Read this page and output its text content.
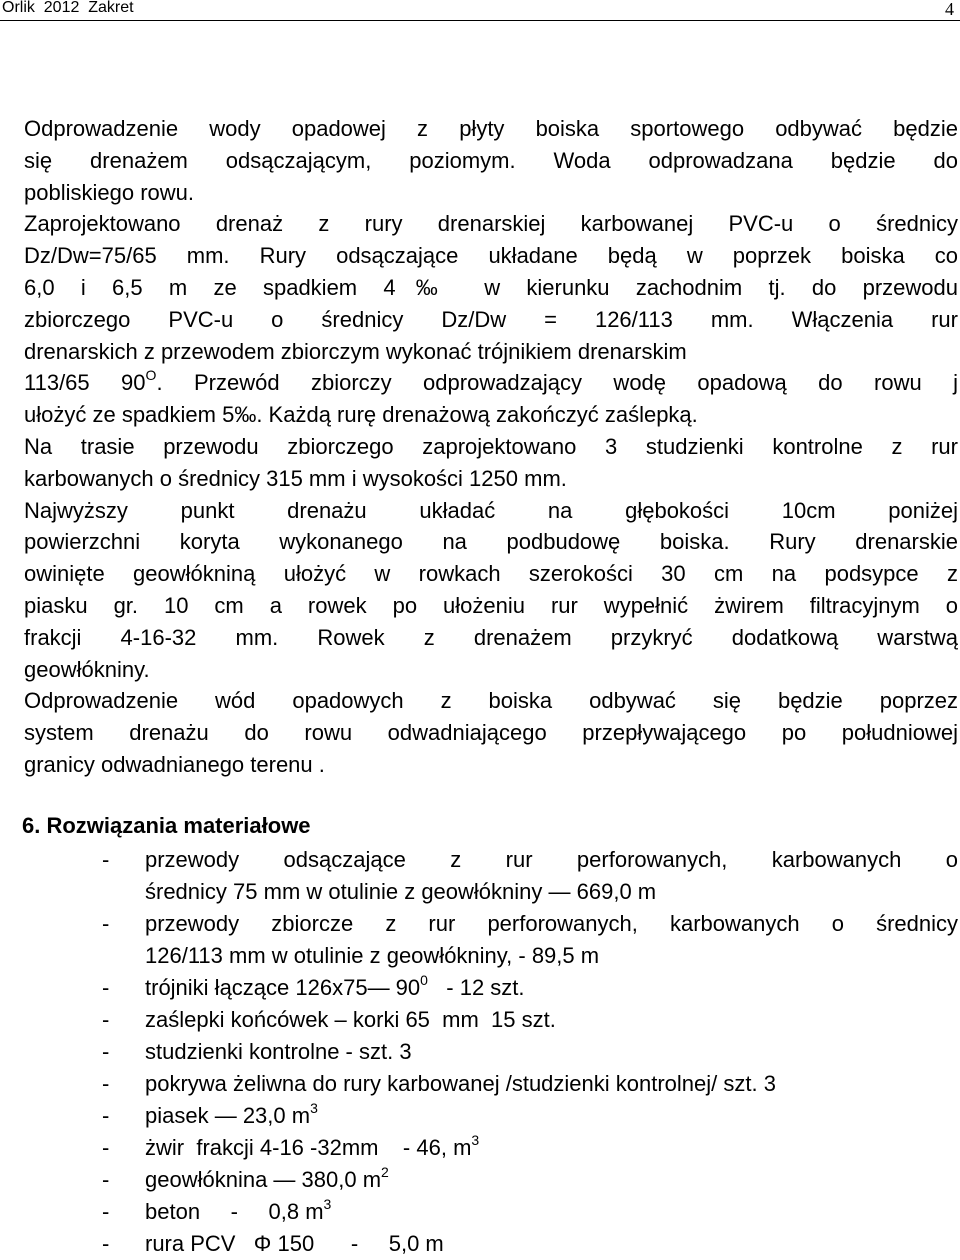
Orlik  2012  Zakret	4

Odprowadzenie wody opadowej z płyty boiska sportowego odbywać będzie

się drenażem odsączającym, poziomym. Woda odprowadzana będzie do

pobliskiego rowu.

Zaprojektowano drenaż z rury drenarskiej karbowanej PVC-u o średnicy

Dz/Dw=75/65 mm. Rury odsączające układane będą w poprzek boiska co

6,0 i 6,5 m ze spadkiem 4‰ w kierunku zachodnim tj. do przewodu

zbiorczego PVC-u o średnicy Dz/Dw = 126/113 mm. Włączenia rur

drenarskich z przewodem zbiorczym wykonać trójnikiem drenarskim

113/65 $90^O$. Przewód zbiorczy odprowadzający wodę opadową do rowu j

ułożyć ze spadkiem 5‰. Każdą rurę drenażową zakończyć zaślepką.

Na trasie przewodu zbiorczego zaprojektowano 3 studzienki kontrolne z rur

karbowanych o średnicy 315 mm i wysokości 1250 mm.

Najwyższy punkt drenażu układać na głębokości 10cm poniżej

powierzchni koryta wykonanego na podbudowę boiska. Rury drenarskie

owinięte geowłókniną ułożyć w rowkach szerokości 30 cm na podsypce z

piasku gr. 10 cm a rowek po ułożeniu rur wypełnić żwirem filtracyjnym o

frakcji 4-16-32 mm. Rowek z drenażem przykryć dodatkową warstwą

geowłókniny.

Odprowadzenie wód opadowych z boiska odbywać się będzie poprzez

system drenażu do rowu odwadniającego przepływającego po południowej

granicy odwadnianego terenu .

6. Rozwiązania materiałowe
- przewody odsączające z rur perforowanych, karbowanych o
średnicy 75 mm w otulinie z geowłókniny — 669,0 m
- przewody zbiorcze z rur perforowanych, karbowanych o średnicy
126/113 mm w otulinie z geowłókniny, - 89,5 m
- trójniki łączące 126x75— $90^0 - 12$ szt.
- zaślepki końcówek – korki 65  mm  15 szt.
- studzienki kontrolne - szt. 3
- pokrywa żeliwna do rury karbowanej /studzienki kontrolnej/ szt. 3
- piasek — 23,0 $m^3$
- żwir  frakcji 4-16 -32mm    - 46, $m^3$
- geowłóknina — 380,0 $m^2$
- beton     -     0,8 $m^3$
- rura PCV   Φ 150      -     5,0 m
